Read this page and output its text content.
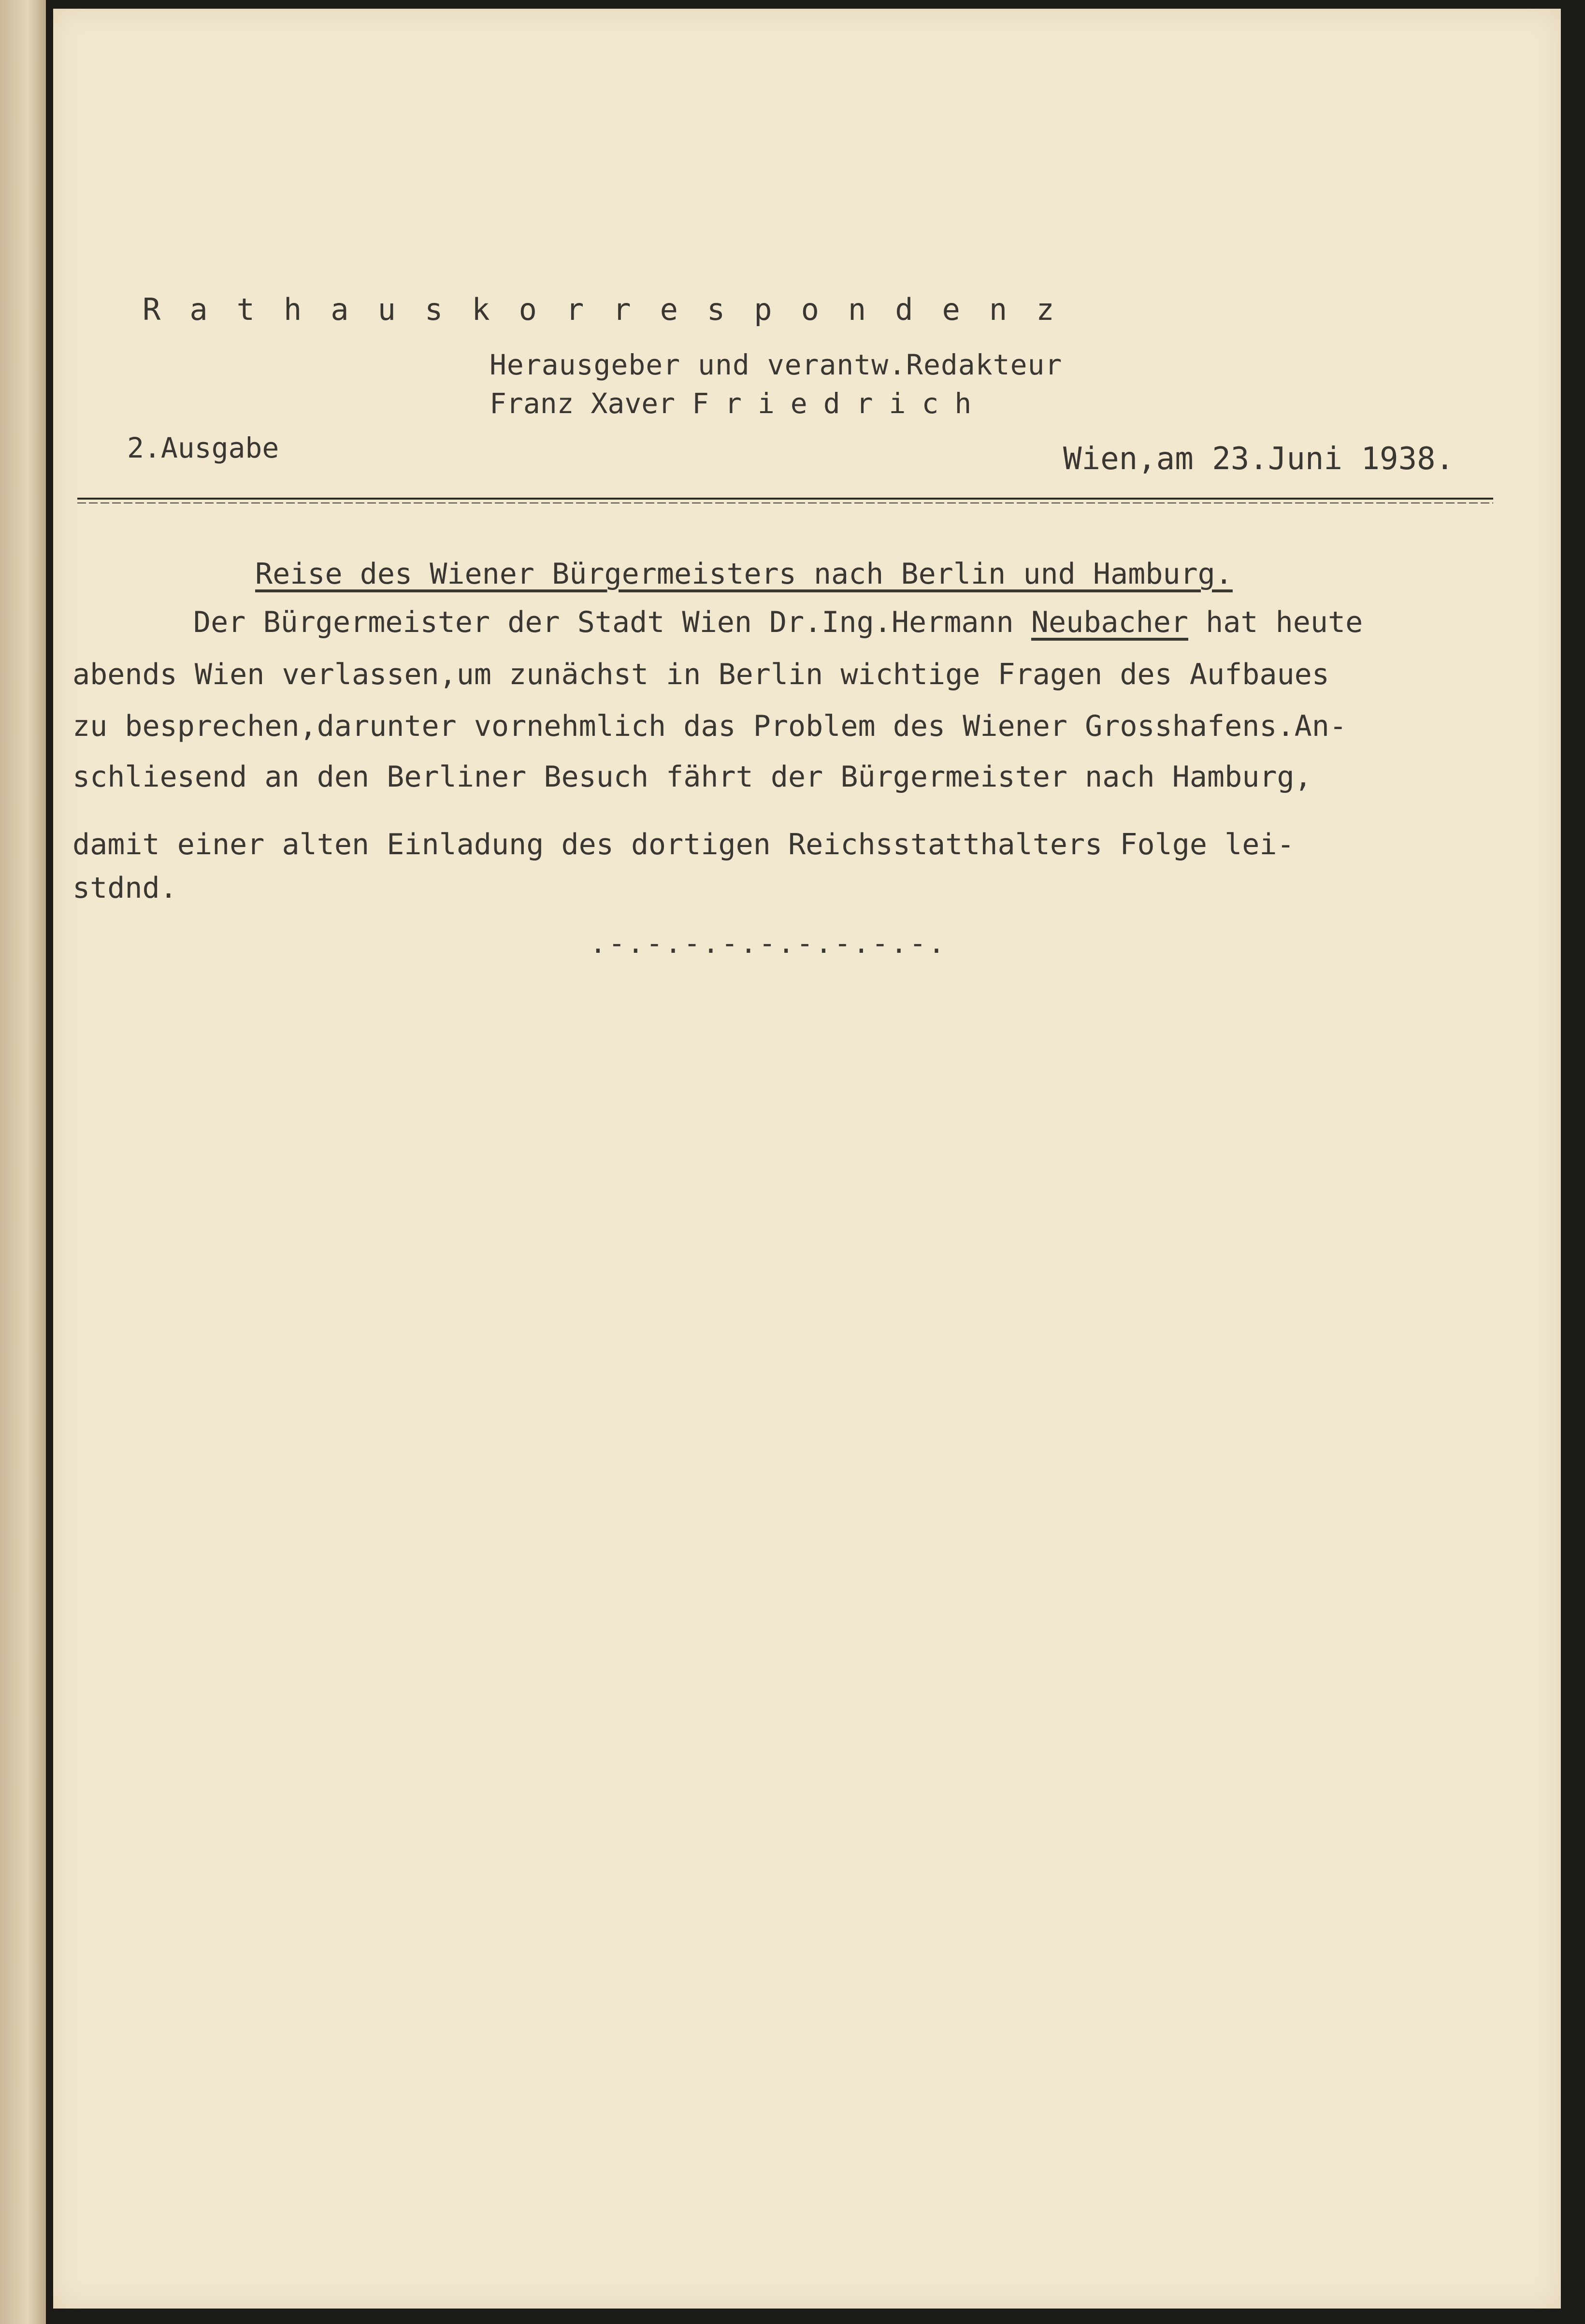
Rathauskorrespondenz
Herausgeber und verantw.Redakteur
Franz Xaver Friedrich
2.Ausgabe	Wien,am 23.Juni 1938.
Reise des Wiener Bürgermeisters nach Berlin und Hamburg.
Der Bürgermeister der Stadt Wien Dr.Ing.Hermann Neubacher hat heute
abends Wien verlassen,um zunächst in Berlin wichtige Fragen des Aufbaues
zu besprechen,darunter vornehmlich das Problem des Wiener Grosshafens.An-
schliesend an den Berliner Besuch fährt der Bürgermeister nach Hamburg,
damit einer alten Einladung des dortigen Reichsstatthalters Folge lei-
stdnd.
.-.-.-.-.-.-.-.-.-.
